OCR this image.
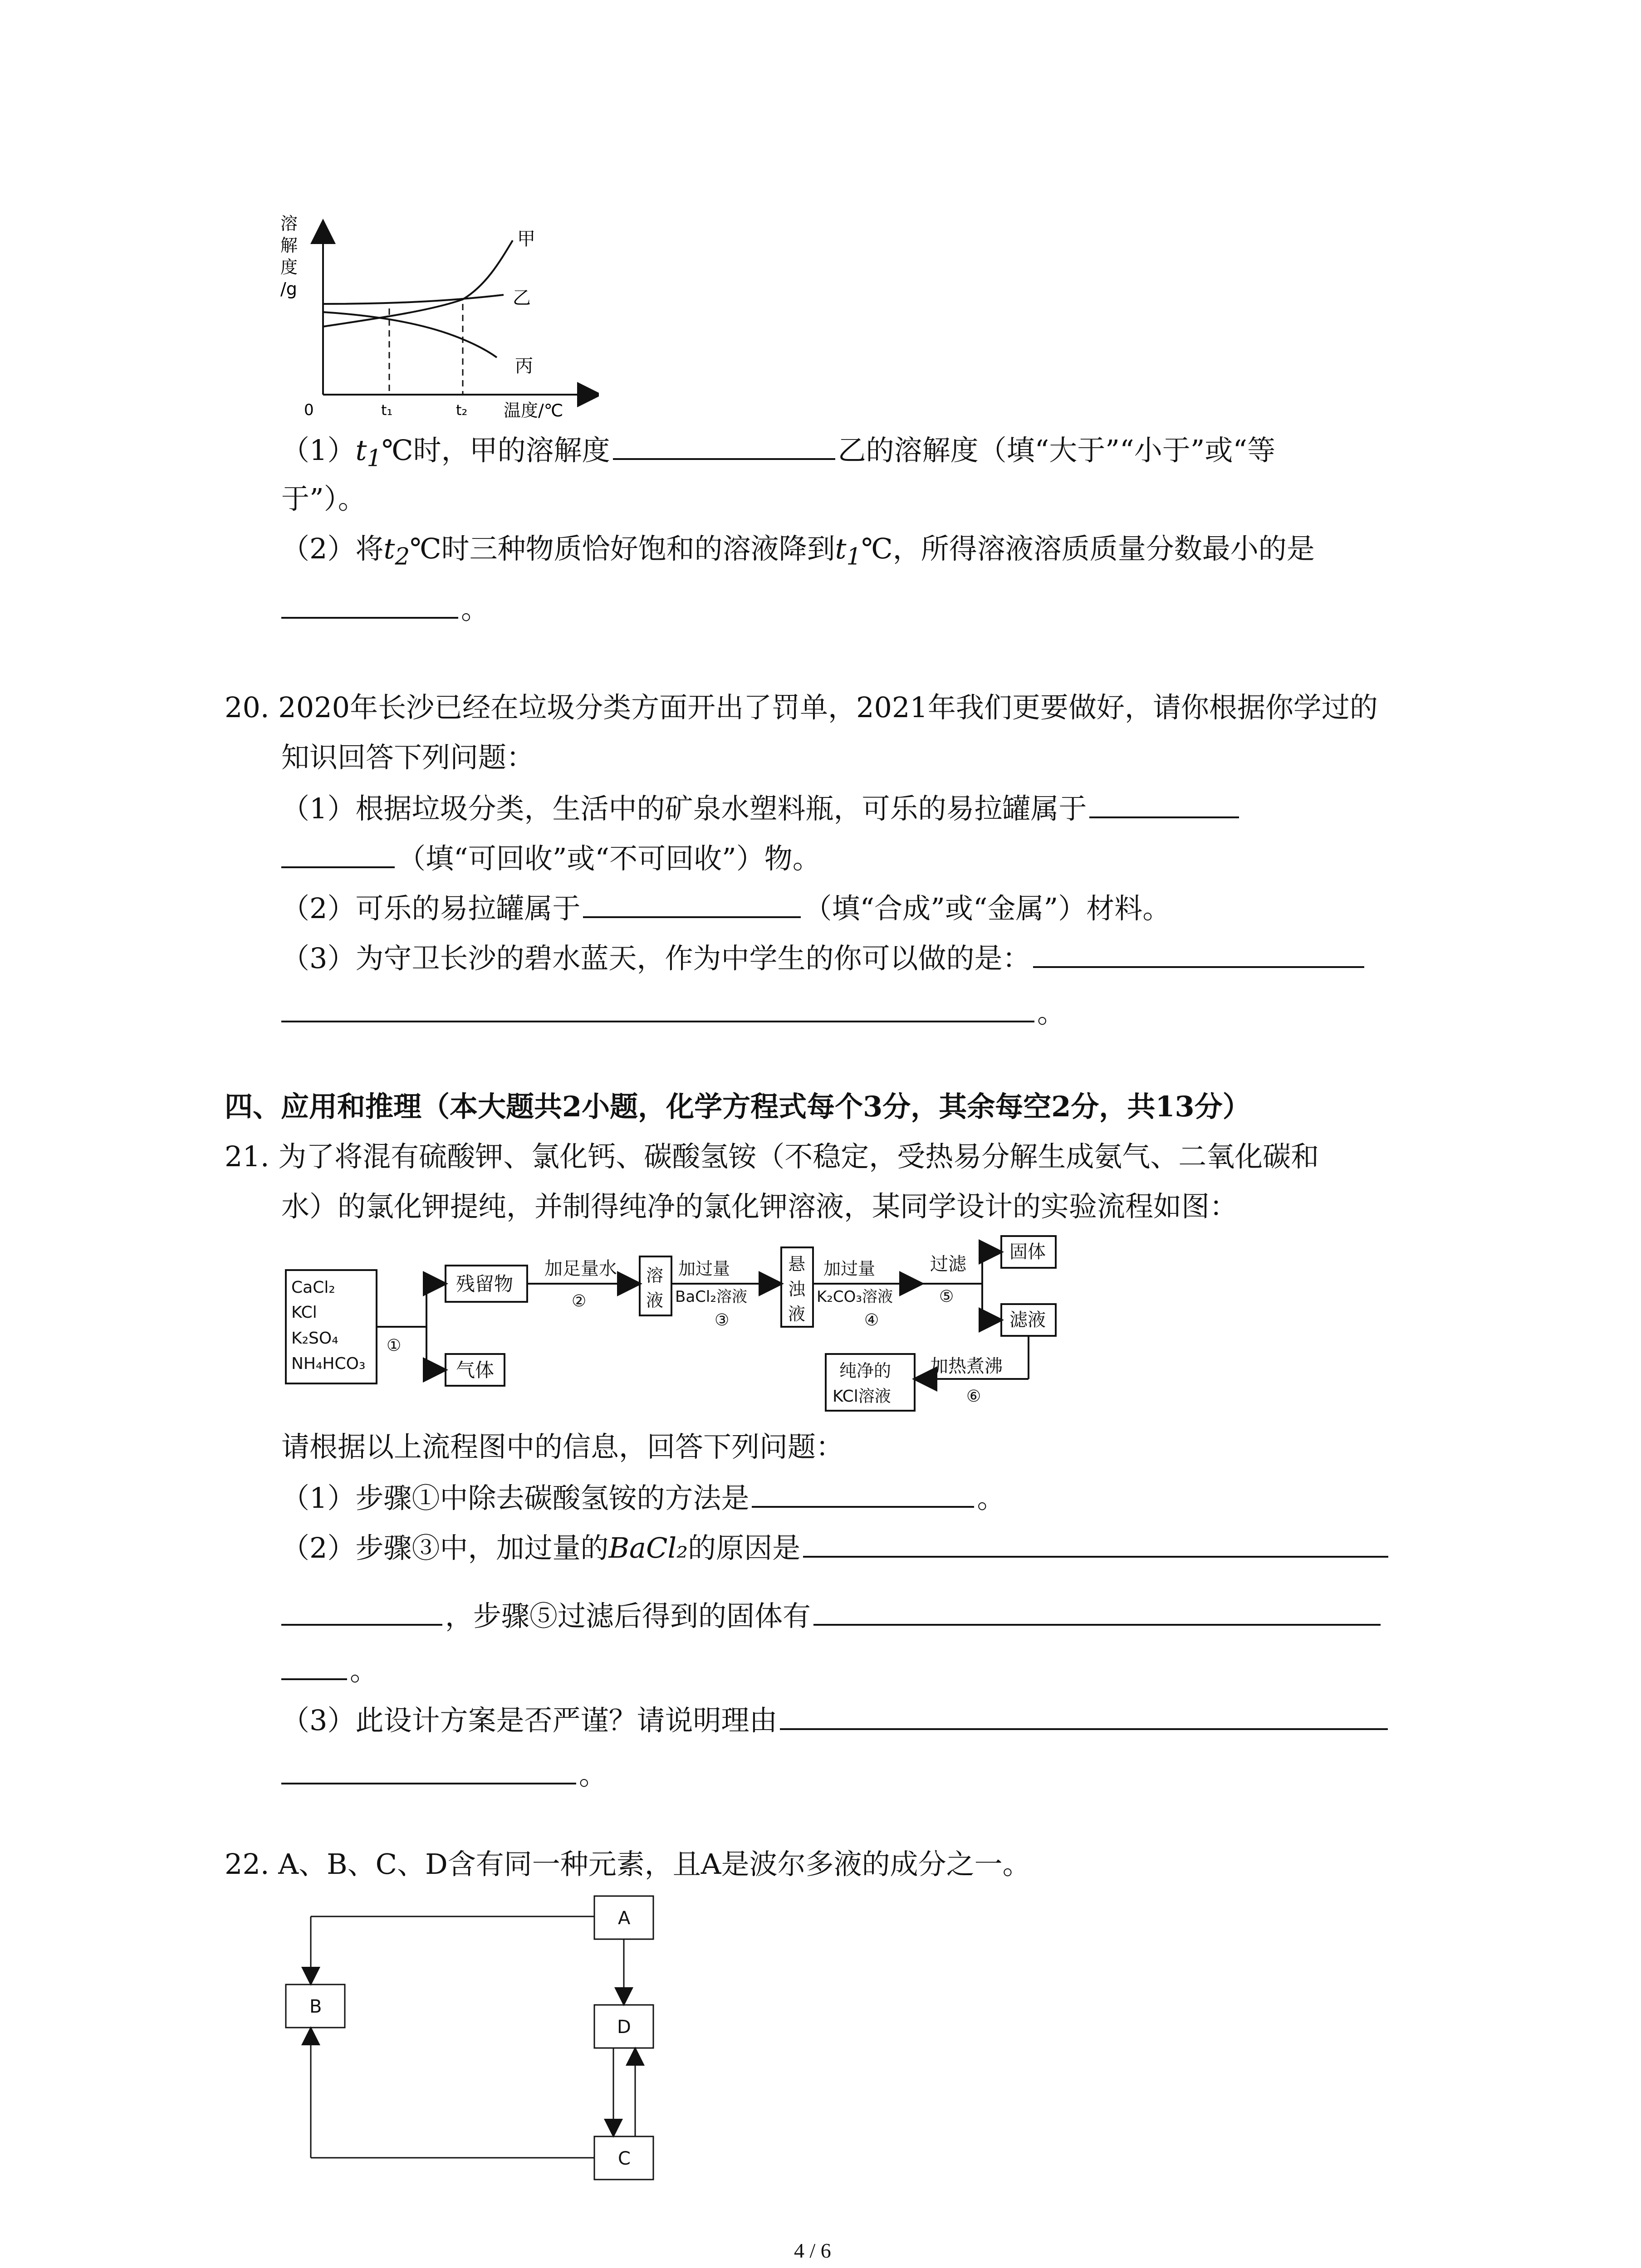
溶
解
度
/g
甲
乙
丙
0	t₁	t₂ 温度/℃
$(1)t_1℃$时，甲的溶解度	乙的溶解度（填“大于”“小于”或“等
于”）。
（2）将$t_2℃$时三种物质恰好饱和的溶液降到$t_1℃$，所得溶液溶质质量分数最小的是
。
20. 2020年长沙已经在垃圾分类方面开出了罚单，2021年我们更要做好，请你根据你学过的
知识回答下列问题：
（1）根据垃圾分类，生活中的矿泉水塑料瓶，可乐的易拉罐属于
（填“可回收”或“不可回收”）物。
（2）可乐的易拉罐属于	（填“合成”或“金属”）材料。
（3）为守卫长沙的碧水蓝天，作为中学生的你可以做的是：
。
四、应用和推理（本大题共2小题，化学方程式每个3分，其余每空2分，共13分）
21. 为了将混有硫酸钾、氯化钙、碳酸氢铵（不稳定，受热易分解生成氨气、二氧化碳和
水）的氯化钾提纯，并制得纯净的氯化钾溶液，某同学设计的实验流程如图：
CaCl₂
KCl
K₂SO₄
NH₄HCO₃
①
残留物
气体
加足量水
②
溶
液
加过量
BaCl₂溶液
③
悬
浊
液
加过量
K₂CO₃溶液
④
过滤
⑤
固体
滤液
加热煮沸
⑥
纯净的
KCl溶液
请根据以上流程图中的信息，回答下列问题：
（1）步骤①中除去碳酸氢铵的方法是	。
（2）步骤③中，加过量的BaCl₂的原因是
，步骤⑤过滤后得到的固体有
。
（3）此设计方案是否严谨？请说明理由
。
22. A、B、C、D含有同一种元素，且A是波尔多液的成分之一。
A
B
D
C
4 / 6
